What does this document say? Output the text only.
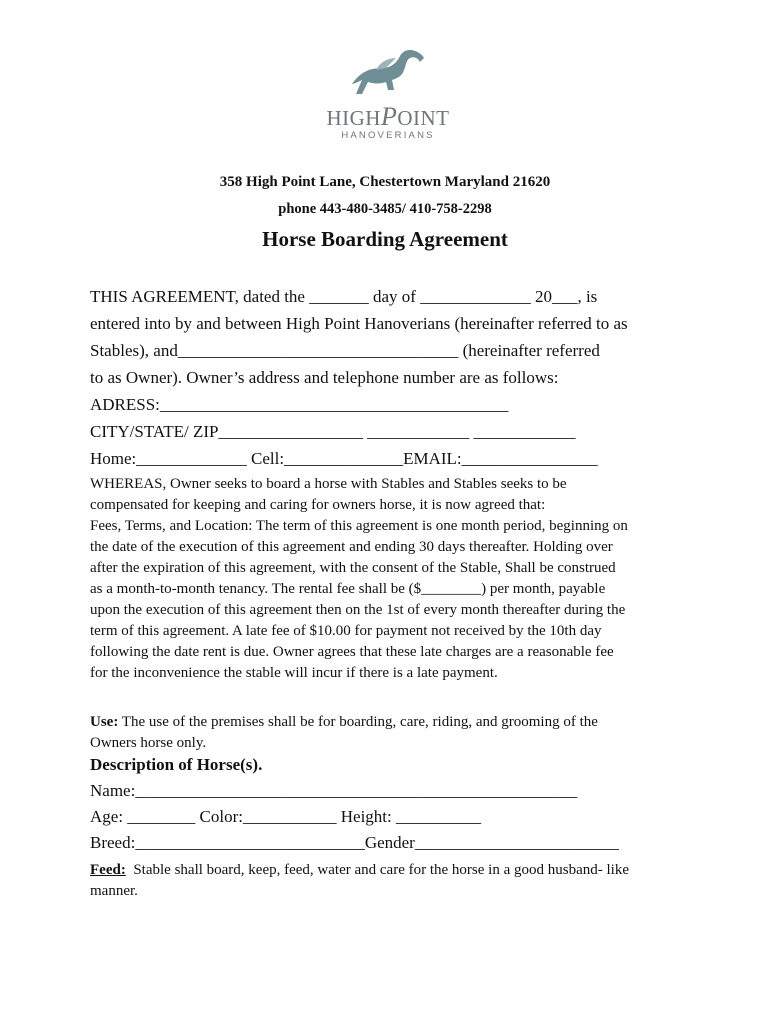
HIGHPOINT
HANOVERIANS
358 High Point Lane, Chestertown Maryland 21620
phone 443-480-3485/ 410-758-2298
Horse Boarding Agreement
THIS AGREEMENT, dated the _______ day of _____________ 20___, is
entered into by and between High Point Hanoverians (hereinafter referred to as
Stables), and_________________________________ (hereinafter referred
to as Owner). Owner’s address and telephone number are as follows:
ADRESS:_________________________________________
CITY/STATE/ ZIP_________________ ____________ ____________
Home:_____________ Cell:______________EMAIL:________________
WHEREAS, Owner seeks to board a horse with Stables and Stables seeks to be
compensated for keeping and caring for owners horse, it is now agreed that:
Fees, Terms, and Location: The term of this agreement is one month period, beginning on
the date of the execution of this agreement and ending 30 days thereafter. Holding over
after the expiration of this agreement, with the consent of the Stable, Shall be construed
as a month-to-month tenancy. The rental fee shall be ($________) per month, payable
upon the execution of this agreement then on the 1st of every month thereafter during the
term of this agreement. A late fee of $10.00 for payment not received by the 10th day
following the date rent is due. Owner agrees that these late charges are a reasonable fee
for the inconvenience the stable will incur if there is a late payment.
Use: The use of the premises shall be for boarding, care, riding, and grooming of the
Owners horse only.
Description of Horse(s).
Name:____________________________________________________
Age: ________ Color:___________ Height: __________
Breed:___________________________Gender________________________
Feed:  Stable shall board, keep, feed, water and care for the horse in a good husband- like
manner.
